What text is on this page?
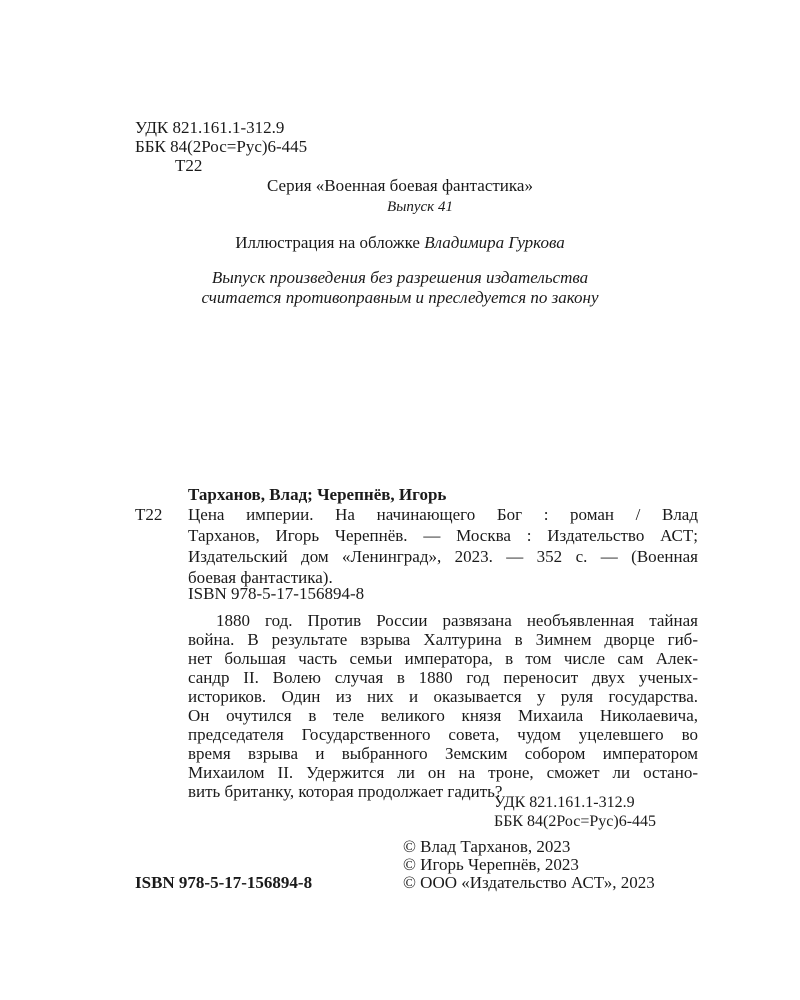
УДК 821.161.1-312.9
ББК 84(2Рос=Рус)6-445
Т22
Серия «Военная боевая фантастика»
Выпуск 41
Иллюстрация на обложке Владимира Гуркова
Выпуск произведения без разрешения издательства
считается противоправным и преследуется по закону
Тарханов, Влад; Черепнёв, Игорь
Т22 Цена империи. На начинающего Бог : роман / Влад
Тарханов, Игорь Черепнёв. — Москва : Издательство АСТ;
Издательский дом «Ленинград», 2023. — 352 с. — (Военная
боевая фантастика).
ISBN 978-5-17-156894-8
1880 год. Против России развязана необъявленная тайная
война. В результате взрыва Халтурина в Зимнем дворце гиб-
нет большая часть семьи императора, в том числе сам Алек-
сандр II. Волею случая в 1880 год переносит двух ученых-
историков. Один из них и оказывается у руля государства.
Он очутился в теле великого князя Михаила Николаевича,
председателя Государственного совета, чудом уцелевшего во
время взрыва и выбранного Земским собором императором
Михаилом II. Удержится ли он на троне, сможет ли остано-
вить британку, которая продолжает гадить?
УДК 821.161.1-312.9
ББК 84(2Рос=Рус)6-445
© Влад Тарханов, 2023
© Игорь Черепнёв, 2023
© ООО «Издательство АСТ», 2023
ISBN 978-5-17-156894-8
